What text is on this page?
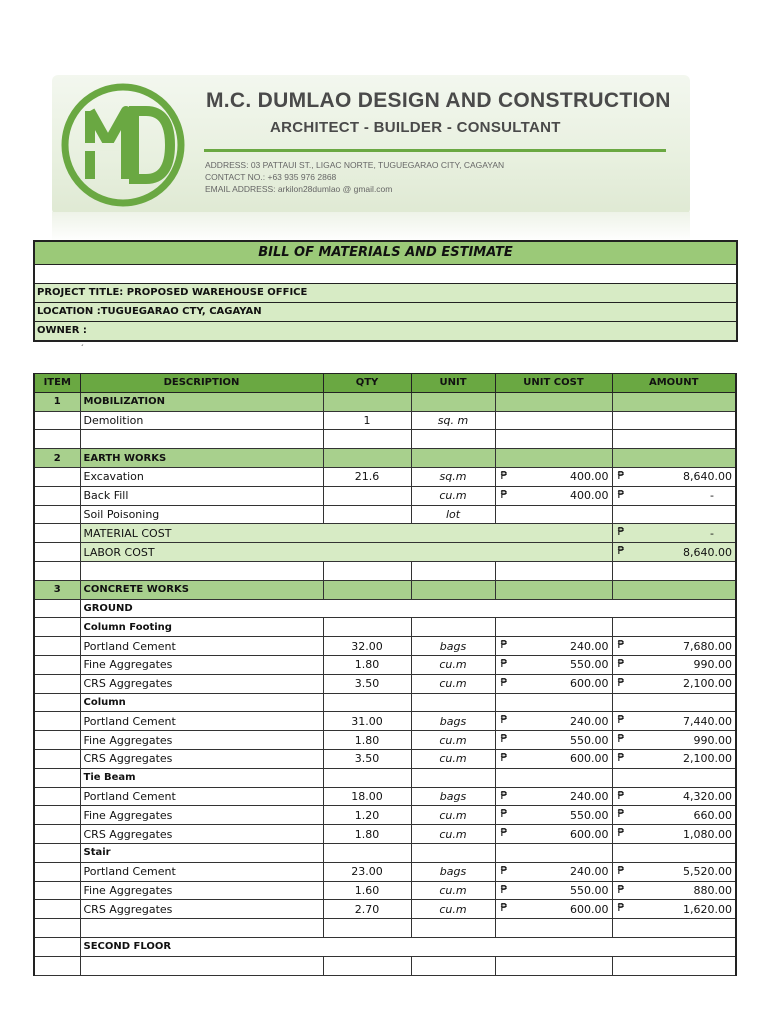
M.C. DUMLAO DESIGN AND CONSTRUCTION
ARCHITECT - BUILDER - CONSULTANT
ADDRESS: 03 PATTAUI ST., LIGAC NORTE, TUGUEGARAO CITY, CAGAYAN
CONTACT NO.: +63 935 976 2868
EMAIL ADDRESS: arkilon28dumlao @ gmail.com
BILL OF MATERIALS AND ESTIMATE
PROJECT TITLE: PROPOSED WAREHOUSE OFFICE
LOCATION :TUGUEGARAO CTY, CAGAYAN
OWNER :
´
ITEM	DESCRIPTION	QTY	UNIT	UNIT COST	AMOUNT
1	MOBILIZATION				
	Demolition	1	sq. m		

2	EARTH WORKS				
	Excavation	21.6	sq.m	₱ 400.00	₱ 8,640.00

	Back Fill		cu.m	₱ 400.00	₱ -

	Soil Poisoning		lot		
	MATERIAL COST				₱ -

	LABOR COST				₱ 8,640.00

3	CONCRETE WORKS				
	GROUND				
	Column Footing				
	Portland Cement	32.00	bags	₱ 240.00	₱ 7,680.00

	Fine Aggregates	1.80	cu.m	₱ 550.00	₱ 990.00

	CRS Aggregates	3.50	cu.m	₱ 600.00	₱ 2,100.00

	Column				
	Portland Cement	31.00	bags	₱ 240.00	₱ 7,440.00

	Fine Aggregates	1.80	cu.m	₱ 550.00	₱ 990.00

	CRS Aggregates	3.50	cu.m	₱ 600.00	₱ 2,100.00

	Tie Beam				
	Portland Cement	18.00	bags	₱ 240.00	₱ 4,320.00

	Fine Aggregates	1.20	cu.m	₱ 550.00	₱ 660.00

	CRS Aggregates	1.80	cu.m	₱ 600.00	₱ 1,080.00

	Stair				
	Portland Cement	23.00	bags	₱ 240.00	₱ 5,520.00

	Fine Aggregates	1.60	cu.m	₱ 550.00	₱ 880.00

	CRS Aggregates	2.70	cu.m	₱ 600.00	₱ 1,620.00

	SECOND FLOOR				
